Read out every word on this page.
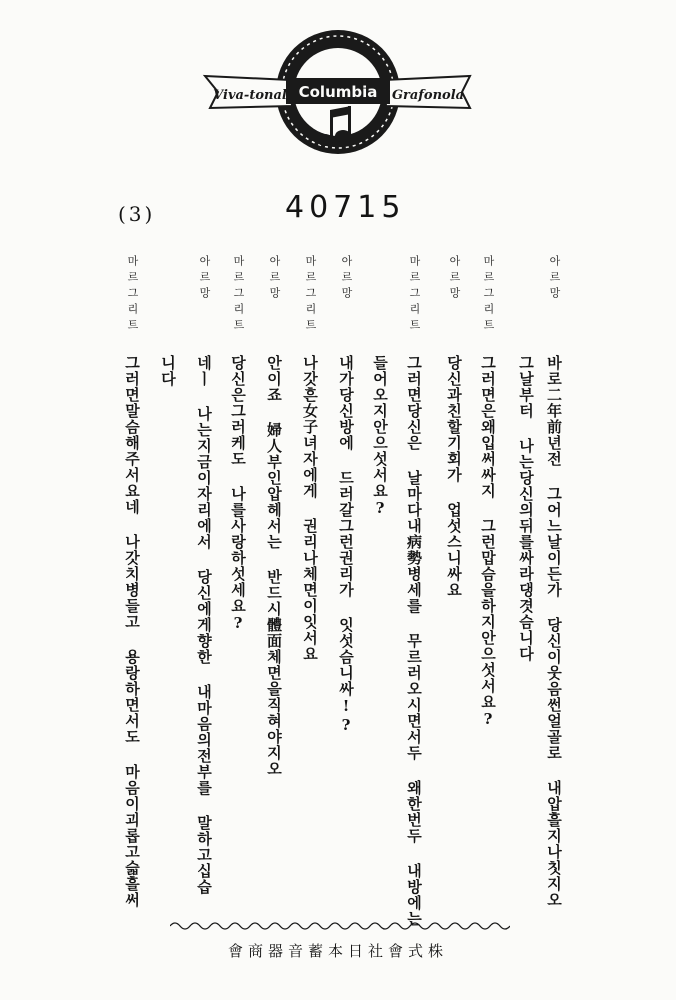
Viva-tonal Columbia Grafonola
(3)	40715
아르망
마르그리트
아르망
마르그리트
아르망
마르그리트
아르망
마르그리트
아르망
마르그리트
바로二年前년전 그어느날이든가 당신이웃음썬얼골로 내압흘지나칫지오
그날부터 나는당신의뒤를싸라댕겻슴니다
그러면은왜입써싸지 그런맙슴을하지안으섯서요?
당신과친할기회가 업섯스니싸요
그러면당신은 날마다내病勢병세를 무르러오시면서두 왜한번두 내방에는
들어오지안으섯서요?
내가당신방에 드러갈그런권리가 잇섯슴니싸!?
나갓흔女子녀자에게 권리나체면이잇서요
안이죠 婦人부인압헤서는 반드시體面체면을직혀야지오
당신은그러케도 나를사랑하섯세요?
네ㅣ 나는지금이자리에서 당신에게향한 내마음의전부를 말하고십습
니다
그러면말슴해주서요네 나갓치병들고 용랑하면서도 마음이괴롭고슯흘써
株式會社日本蓄音器商會
